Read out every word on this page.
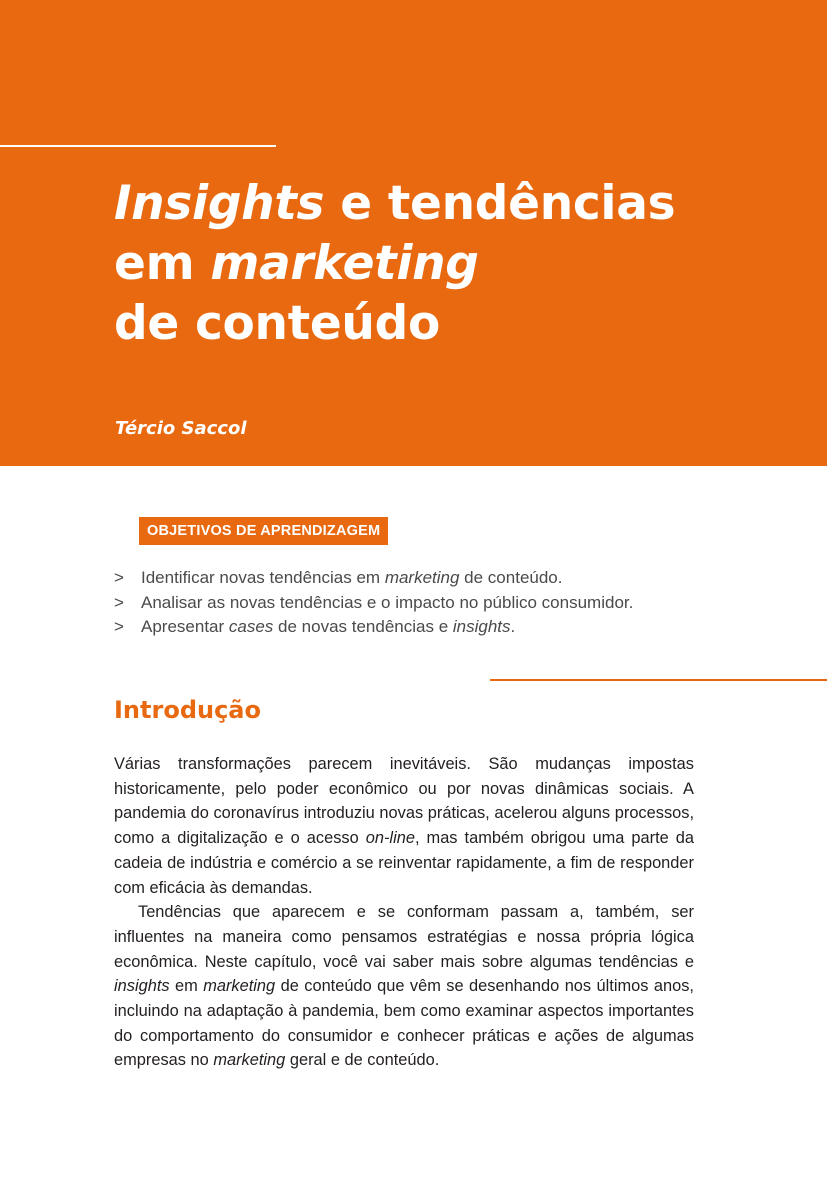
Insights e tendências
em marketing
de conteúdo
Tércio Saccol
OBJETIVOS DE APRENDIZAGEM
> Identificar novas tendências em marketing de conteúdo.
> Analisar as novas tendências e o impacto no público consumidor.
> Apresentar cases de novas tendências e insights.
Introdução

Várias transformações parecem inevitáveis. São mudanças impostas historicamente, pelo poder econômico ou por novas dinâmicas sociais. A pandemia do coronavírus introduziu novas práticas, acelerou alguns processos, como a digitalização e o acesso on-line, mas também obrigou uma parte da cadeia de indústria e comércio a se reinventar rapidamente, a fim de responder com eficácia às demandas.

Tendências que aparecem e se conformam passam a, também, ser influentes na maneira como pensamos estratégias e nossa própria lógica econômica. Neste capítulo, você vai saber mais sobre algumas tendências e insights em marketing de conteúdo que vêm se desenhando nos últimos anos, incluindo na adaptação à pandemia, bem como examinar aspectos importantes do comportamento do consumidor e conhecer práticas e ações de algumas empresas no marketing geral e de conteúdo.
